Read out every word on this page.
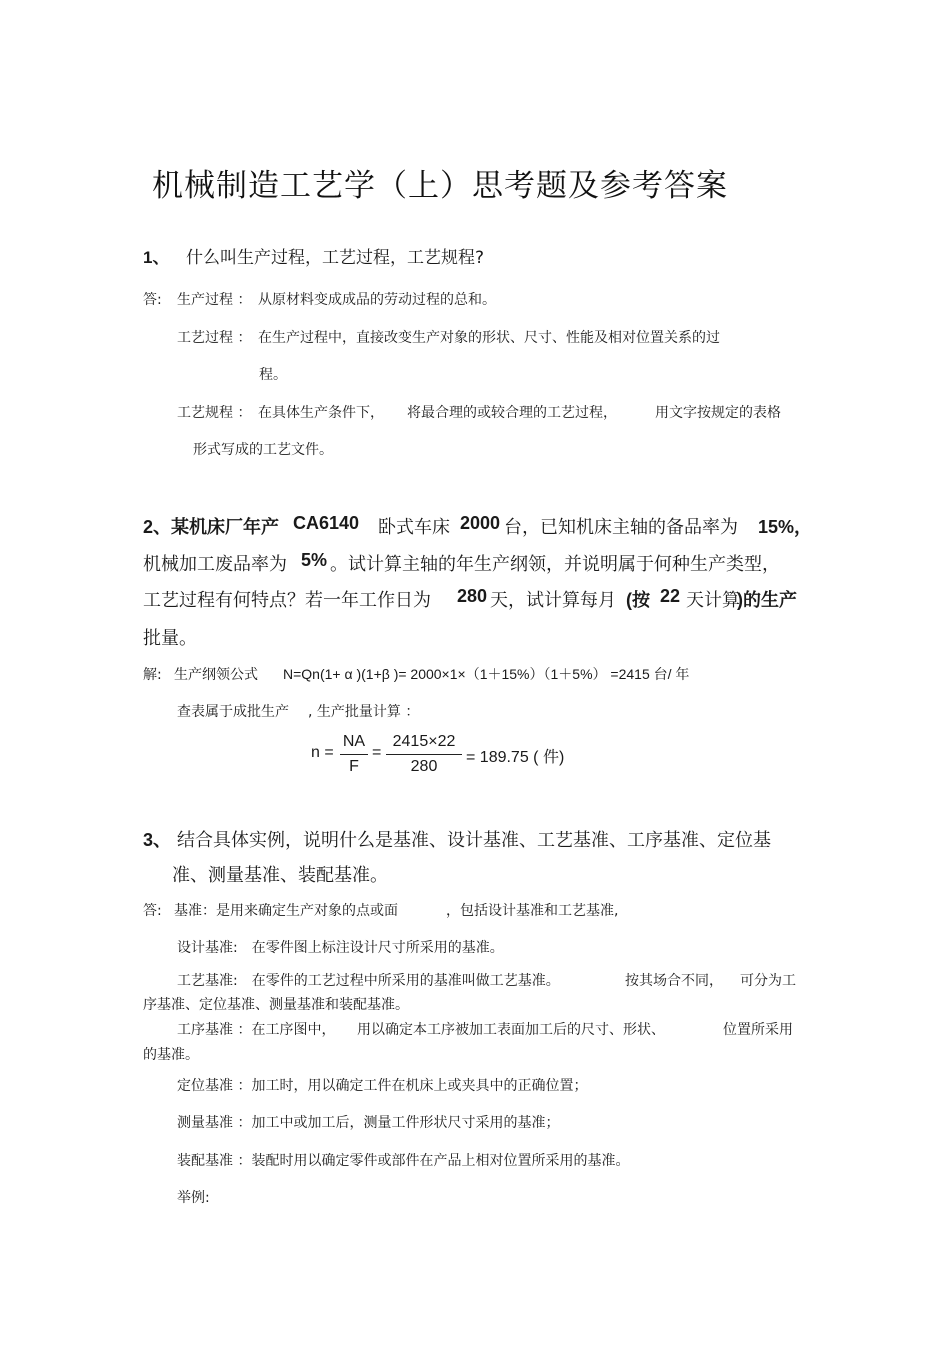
机械制造工艺学（上）思考题及参考答案
1、 什么叫生产过程，工艺过程，工艺规程?
答: 生产过程 ： 从原材料变成成品的劳动过程的总和。
工艺过程 ： 在生产过程中，直接改变生产对象的形状、尺寸、性能及相对位置关系的过
程。
工艺规程 ： 在具体生产条件下， 将最合理的或较合理的工艺过程，	用文字按规定的表格
形式写成的工艺文件。
2、某机床厂年产 CA6140 卧式车床 2000 台，已知机床主轴的备品率为 15%，
机械加工废品率为 5% 。试计算主轴的年生产纲领，并说明属于何种生产类型，
工艺过程有何特点？若一年工作日为 280 天，试计算每月 (按 22 天计算
)的生产
批量。
解: 生产纲领公式 N=Qn(1+ α )(1+β )= 2000×1×（1＋15%）（1＋5%） =2415 台/ 年
查表属于成批生产 , 生产批量计算 ：
n =
NA
F
=
2415×22
280
= 189.75 ( 件)
3、 结合具体实例，说明什么是基准、设计基准、工艺基准、工序基准、定位基
准、测量基准、装配基准。
答: 基准：是用来确定生产对象的点或面	，包括设计基准和工艺基准,
设计基准:　在零件图上标注设计尺寸所采用的基准。
工艺基准:　在零件的工艺过程中所采用的基准叫做工艺基准。	按其场合不同， 可分为工
序基准、定位基准、测量基准和装配基准。
工序基准 ：在工序图中， 用以确定本工序被加工表面加工后的尺寸、形状、	位置所采用
的基准。
定位基准 ：加工时，用以确定工件在机床上或夹具中的正确位置；
测量基准 ：加工中或加工后，测量工件形状尺寸采用的基准；
装配基准 ：装配时用以确定零件或部件在产品上相对位置所采用的基准。
举例:
